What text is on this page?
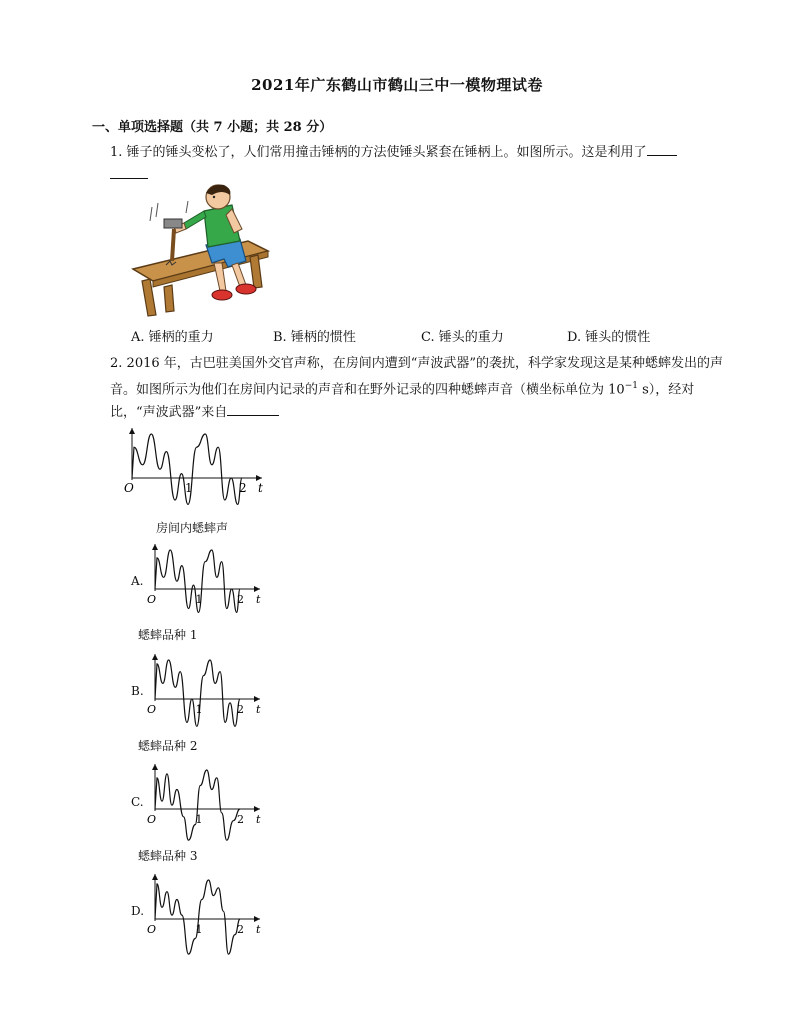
2021年广东鹤山市鹤山三中一模物理试卷
一、单项选择题（共 7 小题；共 28 分）
1. 锤子的锤头变松了，人们常用撞击锤柄的方法使锤头紧套在锤柄上。如图所示。这是利用了

A. 锤柄的重力	B. 锤柄的惯性	C. 锤头的重力	D. 锤头的惯性
2. 2016 年，古巴驻美国外交官声称，在房间内遭到“声波武器”的袭扰，科学家发现这是某种蟋蟀发出的声音。如图所示为他们在房间内记录的声音和在野外记录的四种蟋蟀声音（横坐标单位为 $10^{-1}$ s），经对比，“声波武器”来自
O	1	2 t
房间内蟋蟀声
A.
O	1	2 t
蟋蟀品种 1
B.
O	1	2 t
蟋蟀品种 2
C.
O	1	2 t
蟋蟀品种 3
D.
O	1	2 t
